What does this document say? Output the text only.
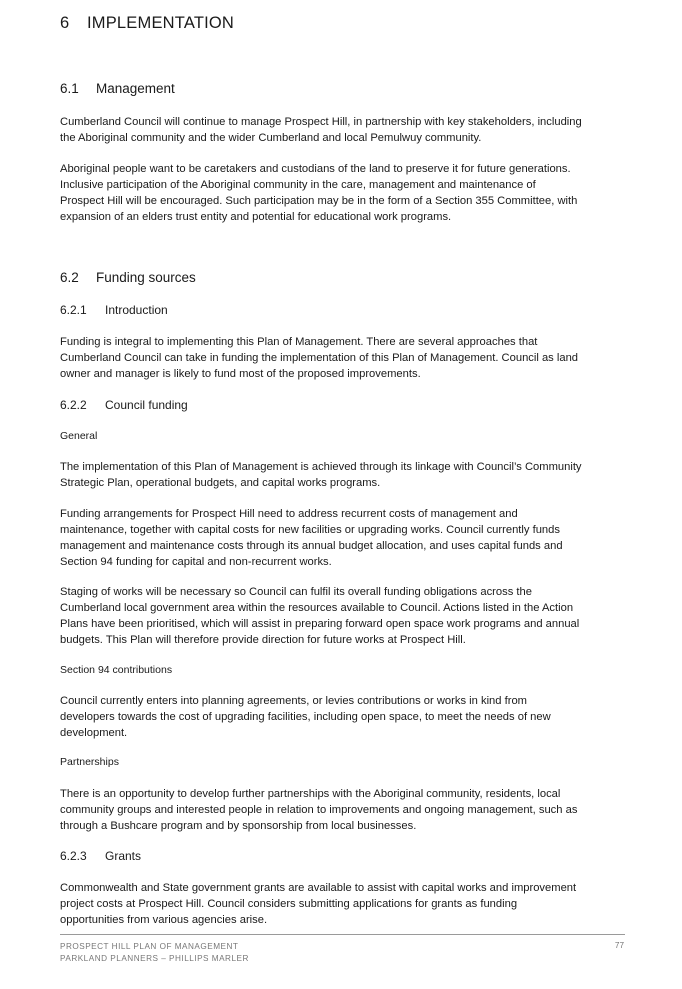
6 IMPLEMENTATION
6.1 Management
Cumberland Council will continue to manage Prospect Hill, in partnership with key stakeholders, including
the Aboriginal community and the wider Cumberland and local Pemulwuy community.
Aboriginal people want to be caretakers and custodians of the land to preserve it for future generations.
Inclusive participation of the Aboriginal community in the care, management and maintenance of
Prospect Hill will be encouraged. Such participation may be in the form of a Section 355 Committee, with
expansion of an elders trust entity and potential for educational work programs.
6.2 Funding sources
6.2.1 Introduction
Funding is integral to implementing this Plan of Management. There are several approaches that
Cumberland Council can take in funding the implementation of this Plan of Management. Council as land
owner and manager is likely to fund most of the proposed improvements.
6.2.2 Council funding
General
The implementation of this Plan of Management is achieved through its linkage with Council’s Community
Strategic Plan, operational budgets, and capital works programs.
Funding arrangements for Prospect Hill need to address recurrent costs of management and
maintenance, together with capital costs for new facilities or upgrading works. Council currently funds
management and maintenance costs through its annual budget allocation, and uses capital funds and
Section 94 funding for capital and non-recurrent works.
Staging of works will be necessary so Council can fulfil its overall funding obligations across the
Cumberland local government area within the resources available to Council. Actions listed in the Action
Plans have been prioritised, which will assist in preparing forward open space work programs and annual
budgets. This Plan will therefore provide direction for future works at Prospect Hill.
Section 94 contributions
Council currently enters into planning agreements, or levies contributions or works in kind from
developers towards the cost of upgrading facilities, including open space, to meet the needs of new
development.
Partnerships
There is an opportunity to develop further partnerships with the Aboriginal community, residents, local
community groups and interested people in relation to improvements and ongoing management, such as
through a Bushcare program and by sponsorship from local businesses.
6.2.3 Grants
Commonwealth and State government grants are available to assist with capital works and improvement
project costs at Prospect Hill. Council considers submitting applications for grants as funding
opportunities from various agencies arise.
PROSPECT HILL PLAN OF MANAGEMENT
PARKLAND PLANNERS – PHILLIPS MARLER
77
